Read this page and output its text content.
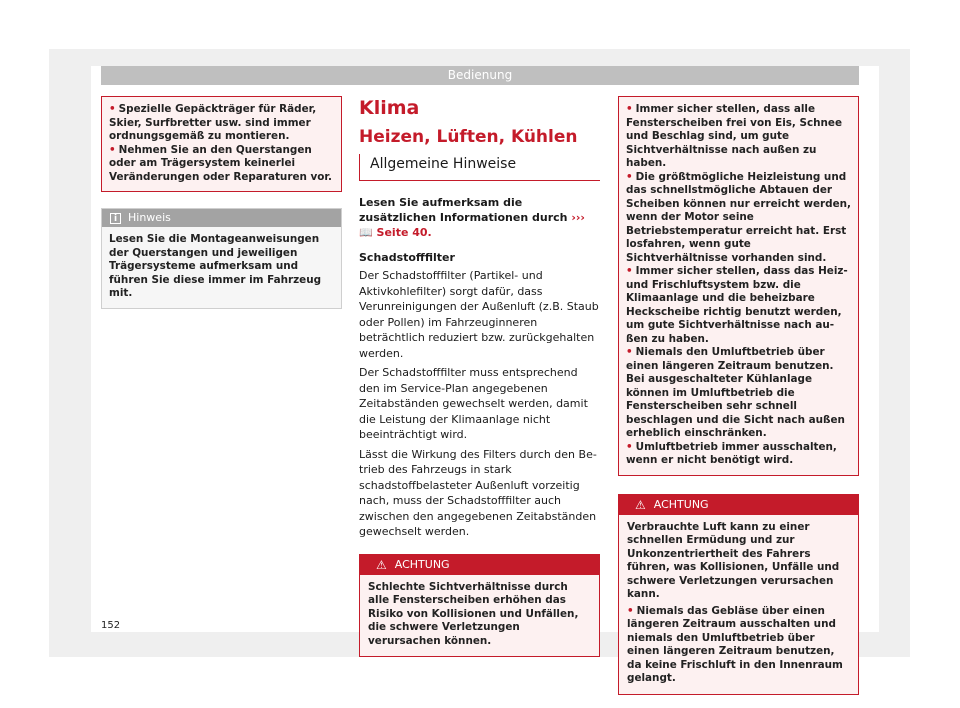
Bedienung

• Spezielle Gepäckträger für Räder, Skier, Surfbretter usw. sind immer ordnungsgemäß zu montieren.

• Nehmen Sie an den Querstangen oder am Trägersystem keinerlei Veränderungen oder Reparaturen vor.

i Hinweis
Lesen Sie die Montageanweisungen der Querstangen und jeweiligen Trägersysteme aufmerksam und führen Sie diese immer im Fahrzeug mit.
Klima
Heizen, Lüften, Kühlen
Allgemeine Hinweise

Lesen Sie aufmerksam die zusätzlichen Informationen durch ››› 📖 Seite 40.

Schadstofffilter

Der Schadstofffilter (Partikel- und Aktivkohlefilter) sorgt dafür, dass Verunreinigungen der Außenluft (z.B. Staub oder Pollen) im Fahrzeuginneren beträchtlich reduziert bzw. zurückgehalten werden.

Der Schadstofffilter muss entsprechend den im Service-Plan angegebenen Zeitabständen gewechselt werden, damit die Leistung der Klimaanlage nicht beeinträchtigt wird.

Lässt die Wirkung des Filters durch den Betrieb des Fahrzeugs in stark schadstoffbelasteter Außenluft vorzeitig nach, muss der Schadstofffilter auch zwischen den angegebenen Zeitabständen gewechselt werden.

⚠ ACHTUNG
Schlechte Sichtverhältnisse durch alle Fensterscheiben erhöhen das Risiko von Kollisionen und Unfällen, die schwere Verletzungen verursachen können.

• Immer sicher stellen, dass alle Fensterscheiben frei von Eis, Schnee und Beschlag sind, um gute Sichtverhältnisse nach außen zu haben.

• Die größtmögliche Heizleistung und das schnellstmögliche Abtauen der Scheiben können nur erreicht werden, wenn der Motor seine Betriebstemperatur erreicht hat. Erst losfahren, wenn gute Sichtverhältnisse vorhanden sind.

• Immer sicher stellen, dass das Heiz- und Frischluftsystem bzw. die Klimaanlage und die beheizbare Heckscheibe richtig benutzt werden, um gute Sichtverhältnisse nach außen zu haben.

• Niemals den Umluftbetrieb über einen längeren Zeitraum benutzen. Bei ausgeschalteter Kühlanlage können im Umluftbetrieb die Fensterscheiben sehr schnell beschlagen und die Sicht nach außen erheblich einschränken.

• Umluftbetrieb immer ausschalten, wenn er nicht benötigt wird.

⚠ ACHTUNG

Verbrauchte Luft kann zu einer schnellen Ermüdung und zur Unkonzentriertheit des Fahrers führen, was Kollisionen, Unfälle und schwere Verletzungen verursachen kann.

• Niemals das Gebläse über einen längeren Zeitraum ausschalten und niemals den Umluftbetrieb über einen längeren Zeitraum benutzen, da keine Frischluft in den Innenraum gelangt.

152
